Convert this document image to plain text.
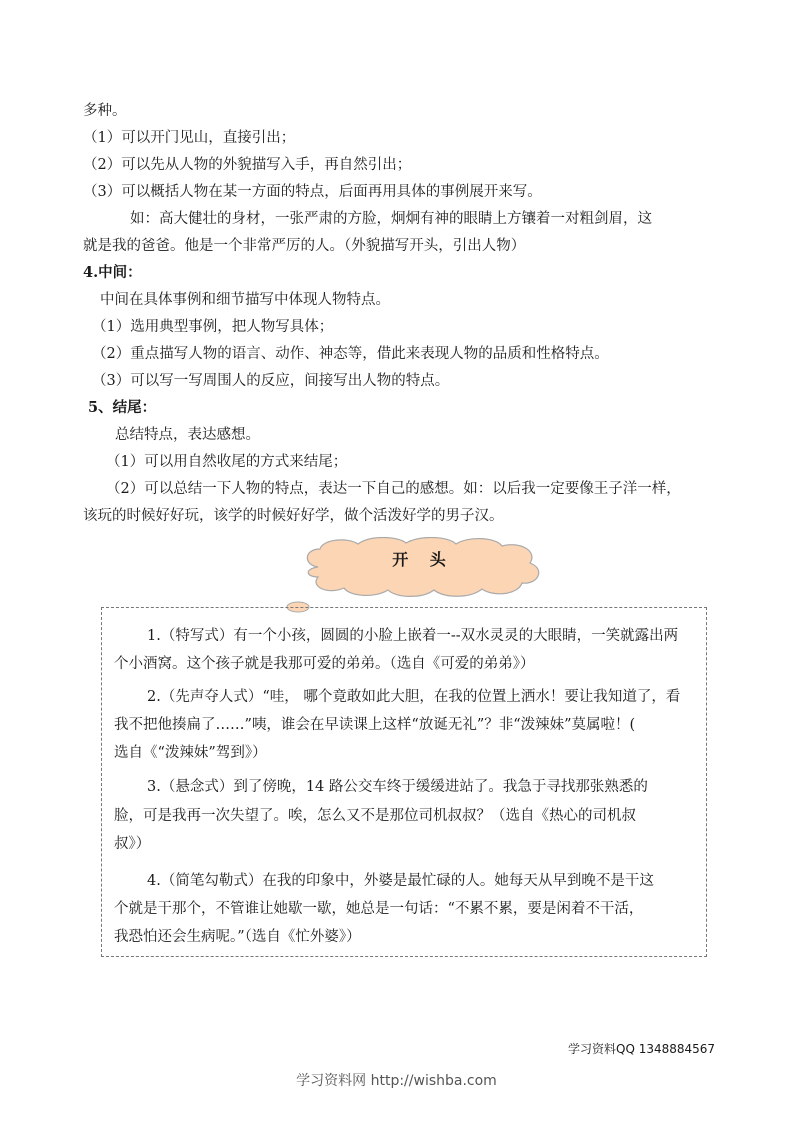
多种。
（1）可以开门见山，直接引出；
（2）可以先从人物的外貌描写入手，再自然引出；
（3）可以概括人物在某一方面的特点，后面再用具体的事例展开来写。
如：高大健壮的身材，一张严肃的方脸，炯炯有神的眼睛上方镶着一对粗剑眉，这
就是我的爸爸。他是一个非常严厉的人。（外貌描写开头，引出人物）
4.中间：
中间在具体事例和细节描写中体现人物特点。
（1）选用典型事例，把人物写具体；
（2）重点描写人物的语言、动作、神态等，借此来表现人物的品质和性格特点。
（3）可以写一写周围人的反应，间接写出人物的特点。
5、结尾：
总结特点，表达感想。
（1）可以用自然收尾的方式来结尾；
（2）可以总结一下人物的特点，表达一下自己的感想。如：以后我一定要像王子洋一样，
该玩的时候好好玩，该学的时候好好学，做个活泼好学的男子汉。
开 头
1.（特写式）有一个小孩，圆圆的小脸上嵌着一--双水灵灵的大眼睛，一笑就露出两
个小酒窝。这个孩子就是我那可爱的弟弟。（选自《可爱的弟弟》）
2.（先声夺人式）“哇， 哪个竟敢如此大胆，在我的位置上洒水！要让我知道了，看
我不把他揍扁了……”咦，谁会在早读课上这样“放诞无礼”？非“泼辣妹”莫属啦！(
选自《“泼辣妹”驾到》）
3.（悬念式）到了傍晚，14 路公交车终于缓缓进站了。我急于寻找那张熟悉的
脸，可是我再一次失望了。唉，怎么又不是那位司机叔叔？（选自《热心的司机叔
叔》）
4.（简笔勾勒式）在我的印象中，外婆是最忙碌的人。她每天从早到晚不是干这
个就是干那个，不管谁让她歇一歇，她总是一句话：“不累不累，要是闲着不干活，
我恐怕还会生病呢。”（选自《忙外婆》）
学习资料QQ 1348884567
学习资料网 http://wishba.com
